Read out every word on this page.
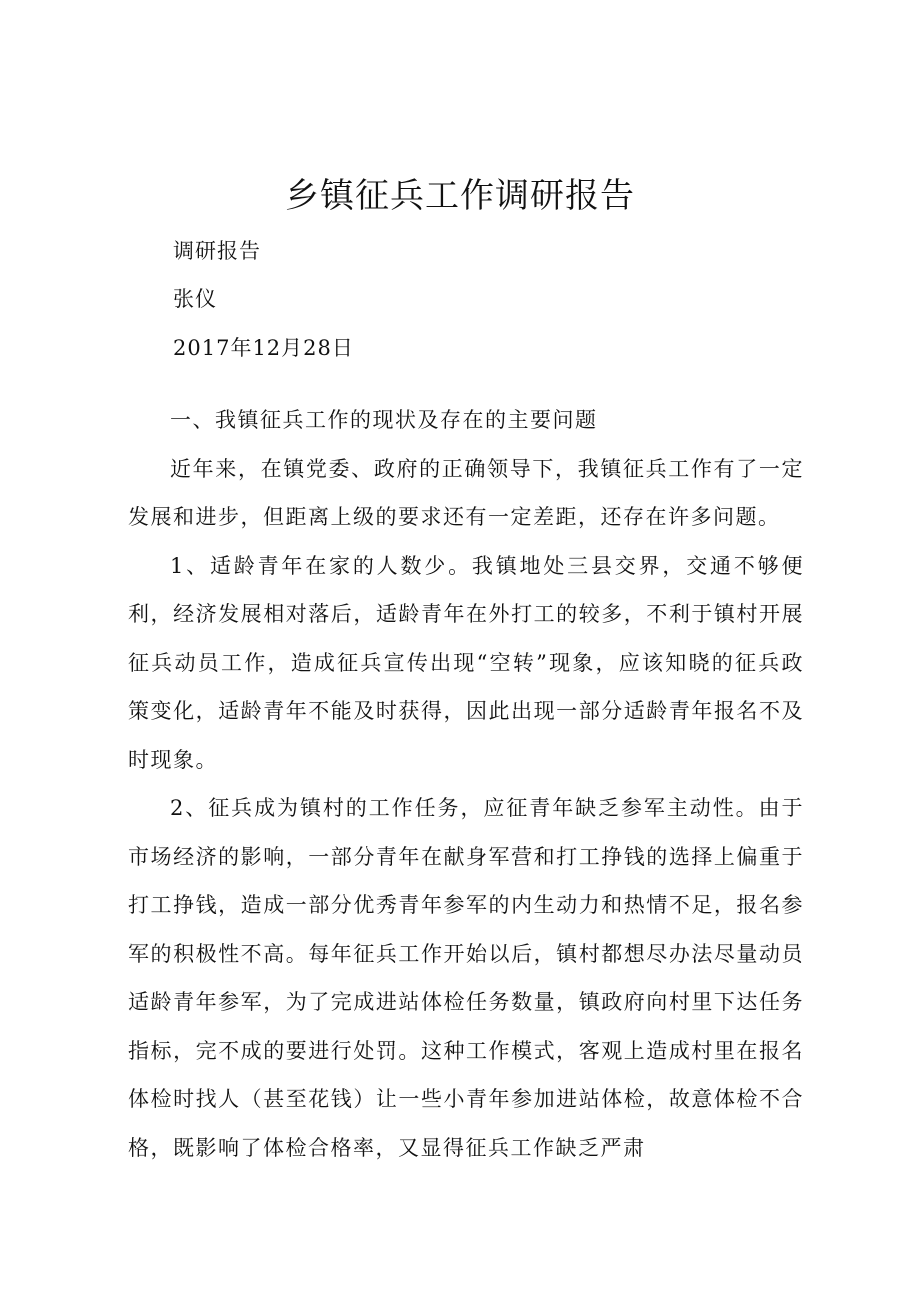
乡镇征兵工作调研报告

调研报告

张仪

2017年12月28日

一、我镇征兵工作的现状及存在的主要问题

近年来，在镇党委、政府的正确领导下，我镇征兵工作有了一定发展和进步，但距离上级的要求还有一定差距，还存在许多问题。

1、适龄青年在家的人数少。我镇地处三县交界，交通不够便利，经济发展相对落后，适龄青年在外打工的较多，不利于镇村开展征兵动员工作，造成征兵宣传出现“空转”现象，应该知晓的征兵政策变化，适龄青年不能及时获得，因此出现一部分适龄青年报名不及时现象。

2、征兵成为镇村的工作任务，应征青年缺乏参军主动性。由于市场经济的影响，一部分青年在献身军营和打工挣钱的选择上偏重于打工挣钱，造成一部分优秀青年参军的内生动力和热情不足，报名参军的积极性不高。每年征兵工作开始以后，镇村都想尽办法尽量动员适龄青年参军，为了完成进站体检任务数量，镇政府向村里下达任务指标，完不成的要进行处罚。这种工作模式，客观上造成村里在报名体检时找人（甚至花钱）让一些小青年参加进站体检，故意体检不合格，既影响了体检合格率，又显得征兵工作缺乏严肃
